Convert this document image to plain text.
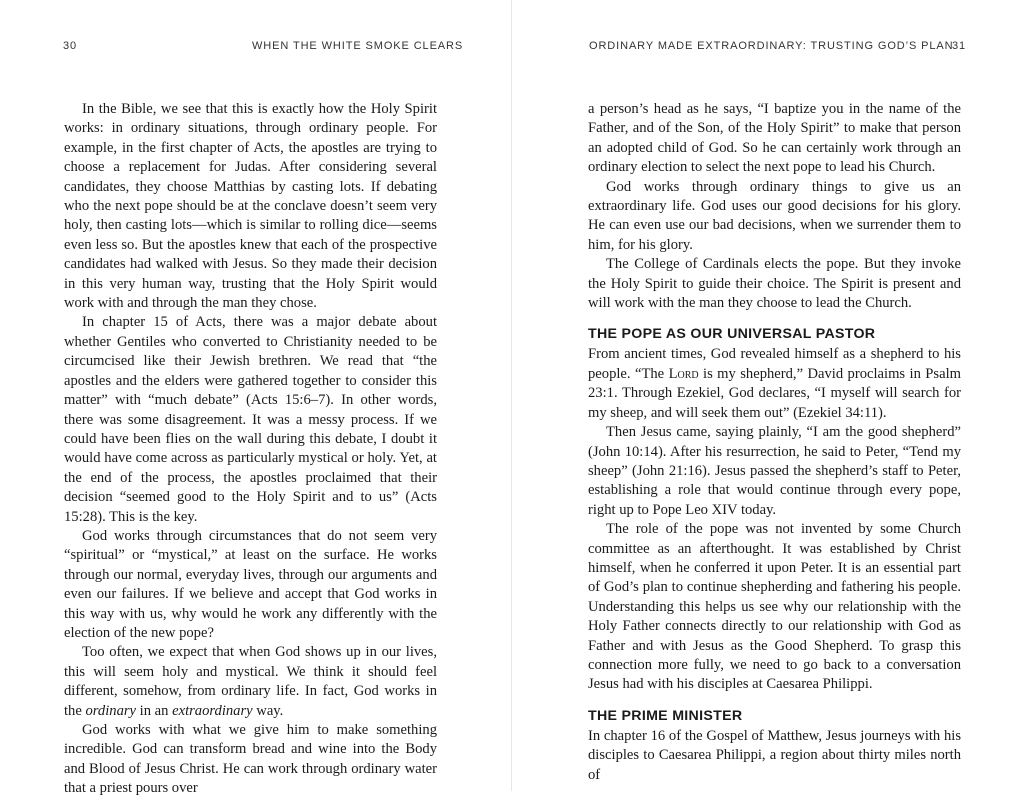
30	WHEN THE WHITE SMOKE CLEARS

In the Bible, we see that this is exactly how the Holy Spirit works: in ordinary situations, through ordinary people. For example, in the first chapter of Acts, the apostles are trying to choose a replacement for Judas. After considering several candidates, they choose Matthias by casting lots. If debating who the next pope should be at the conclave doesn’t seem very holy, then casting lots—which is similar to rolling dice—seems even less so. But the apostles knew that each of the prospective candidates had walked with Jesus. So they made their decision in this very human way, trusting that the Holy Spirit would work with and through the man they chose.

In chapter 15 of Acts, there was a major debate about whether Gentiles who converted to Christianity needed to be circumcised like their Jewish brethren. We read that “the apostles and the elders were gathered together to consider this matter” with “much debate” (Acts 15:6–7). In other words, there was some disagreement. It was a messy process. If we could have been flies on the wall during this debate, I doubt it would have come across as particularly mystical or holy. Yet, at the end of the process, the apostles proclaimed that their decision “seemed good to the Holy Spirit and to us” (Acts 15:28). This is the key.

God works through circumstances that do not seem very “spiritual” or “mystical,” at least on the surface. He works through our normal, everyday lives, through our arguments and even our failures. If we believe and accept that God works in this way with us, why would he work any differently with the election of the new pope?

Too often, we expect that when God shows up in our lives, this will seem holy and mystical. We think it should feel different, somehow, from ordinary life. In fact, God works in the ordinary in an extraordinary way.

God works with what we give him to make something incredible. God can transform bread and wine into the Body and Blood of Jesus Christ. He can work through ordinary water that a priest pours over

ORDINARY MADE EXTRAORDINARY: TRUSTING GOD’S PLAN
31

a person’s head as he says, “I baptize you in the name of the Father, and of the Son, of the Holy Spirit” to make that person an adopted child of God. So he can certainly work through an ordinary election to select the next pope to lead his Church.

God works through ordinary things to give us an extraordinary life. God uses our good decisions for his glory. He can even use our bad decisions, when we surrender them to him, for his glory.

The College of Cardinals elects the pope. But they invoke the Holy Spirit to guide their choice. The Spirit is present and will work with the man they choose to lead the Church.

THE POPE AS OUR UNIVERSAL PASTOR

From ancient times, God revealed himself as a shepherd to his people. “The Lord is my shepherd,” David proclaims in Psalm 23:1. Through Ezekiel, God declares, “I myself will search for my sheep, and will seek them out” (Ezekiel 34:11).

Then Jesus came, saying plainly, “I am the good shepherd” (John 10:14). After his resurrection, he said to Peter, “Tend my sheep” (John 21:16). Jesus passed the shepherd’s staff to Peter, establishing a role that would continue through every pope, right up to Pope Leo XIV today.

The role of the pope was not invented by some Church committee as an afterthought. It was established by Christ himself, when he conferred it upon Peter. It is an essential part of God’s plan to continue shepherding and fathering his people. Understanding this helps us see why our relationship with the Holy Father connects directly to our relationship with God as Father and with Jesus as the Good Shepherd. To grasp this connection more fully, we need to go back to a conversation Jesus had with his disciples at Caesarea Philippi.

THE PRIME MINISTER

In chapter 16 of the Gospel of Matthew, Jesus journeys with his disciples to Caesarea Philippi, a region about thirty miles north of
